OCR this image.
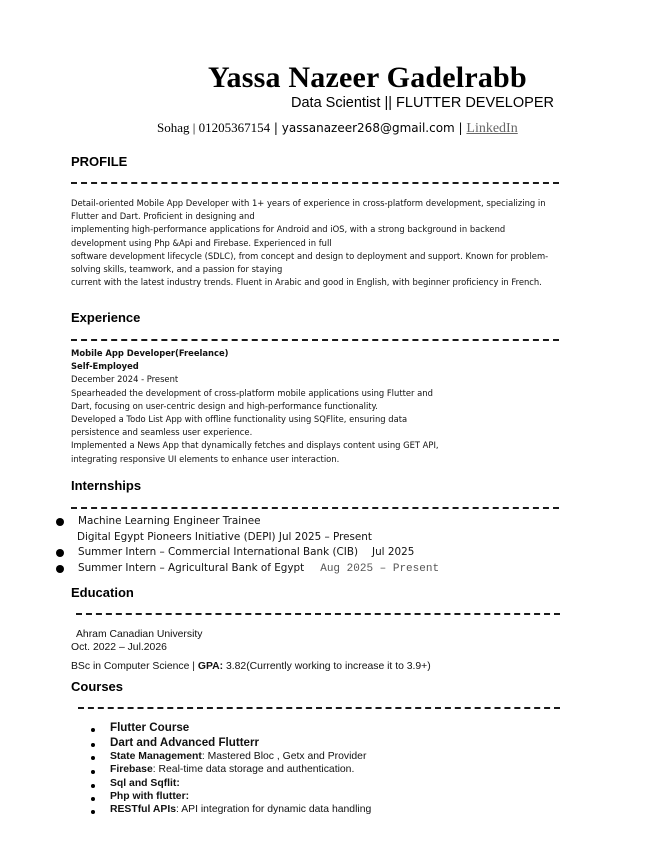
Yassa Nazeer Gadelrabb
Data Scientist || FLUTTER DEVELOPER
Sohag | 01205367154 | yassanazeer268@gmail.com | LinkedIn
PROFILE
Detail-oriented Mobile App Developer with 1+ years of experience in cross-platform development, specializing in
Flutter and Dart. Proficient in designing and
implementing high-performance applications for Android and iOS, with a strong background in backend
development using Php &Api and Firebase. Experienced in full
software development lifecycle (SDLC), from concept and design to deployment and support. Known for problem-
solving skills, teamwork, and a passion for staying
current with the latest industry trends. Fluent in Arabic and good in English, with beginner proficiency in French.
Experience
Mobile App Developer(Freelance)
Self-Employed
December 2024 - Present
Spearheaded the development of cross-platform mobile applications using Flutter and
Dart, focusing on user-centric design and high-performance functionality.
Developed a Todo List App with offline functionality using SQFlite, ensuring data
persistence and seamless user experience.
Implemented a News App that dynamically fetches and displays content using GET API,
integrating responsive UI elements to enhance user interaction.
Internships
Machine Learning Engineer Trainee
Digital Egypt Pioneers Initiative (DEPI) Jul 2025 – Present
Summer Intern – Commercial International Bank (CIB) Jul 2025
Summer Intern – Agricultural Bank of Egypt Aug 2025 – Present
Education
Ahram Canadian University
Oct. 2022 – Jul.2026
BSc in Computer Science | GPA: 3.82(Currently working to increase it to 3.9+)
Courses
Flutter Course
Dart and Advanced Flutterr
State Management: Mastered Bloc , Getx and Provider
Firebase: Real-time data storage and authentication.
Sql and Sqflit:
Php with flutter:
RESTful APIs: API integration for dynamic data handling
